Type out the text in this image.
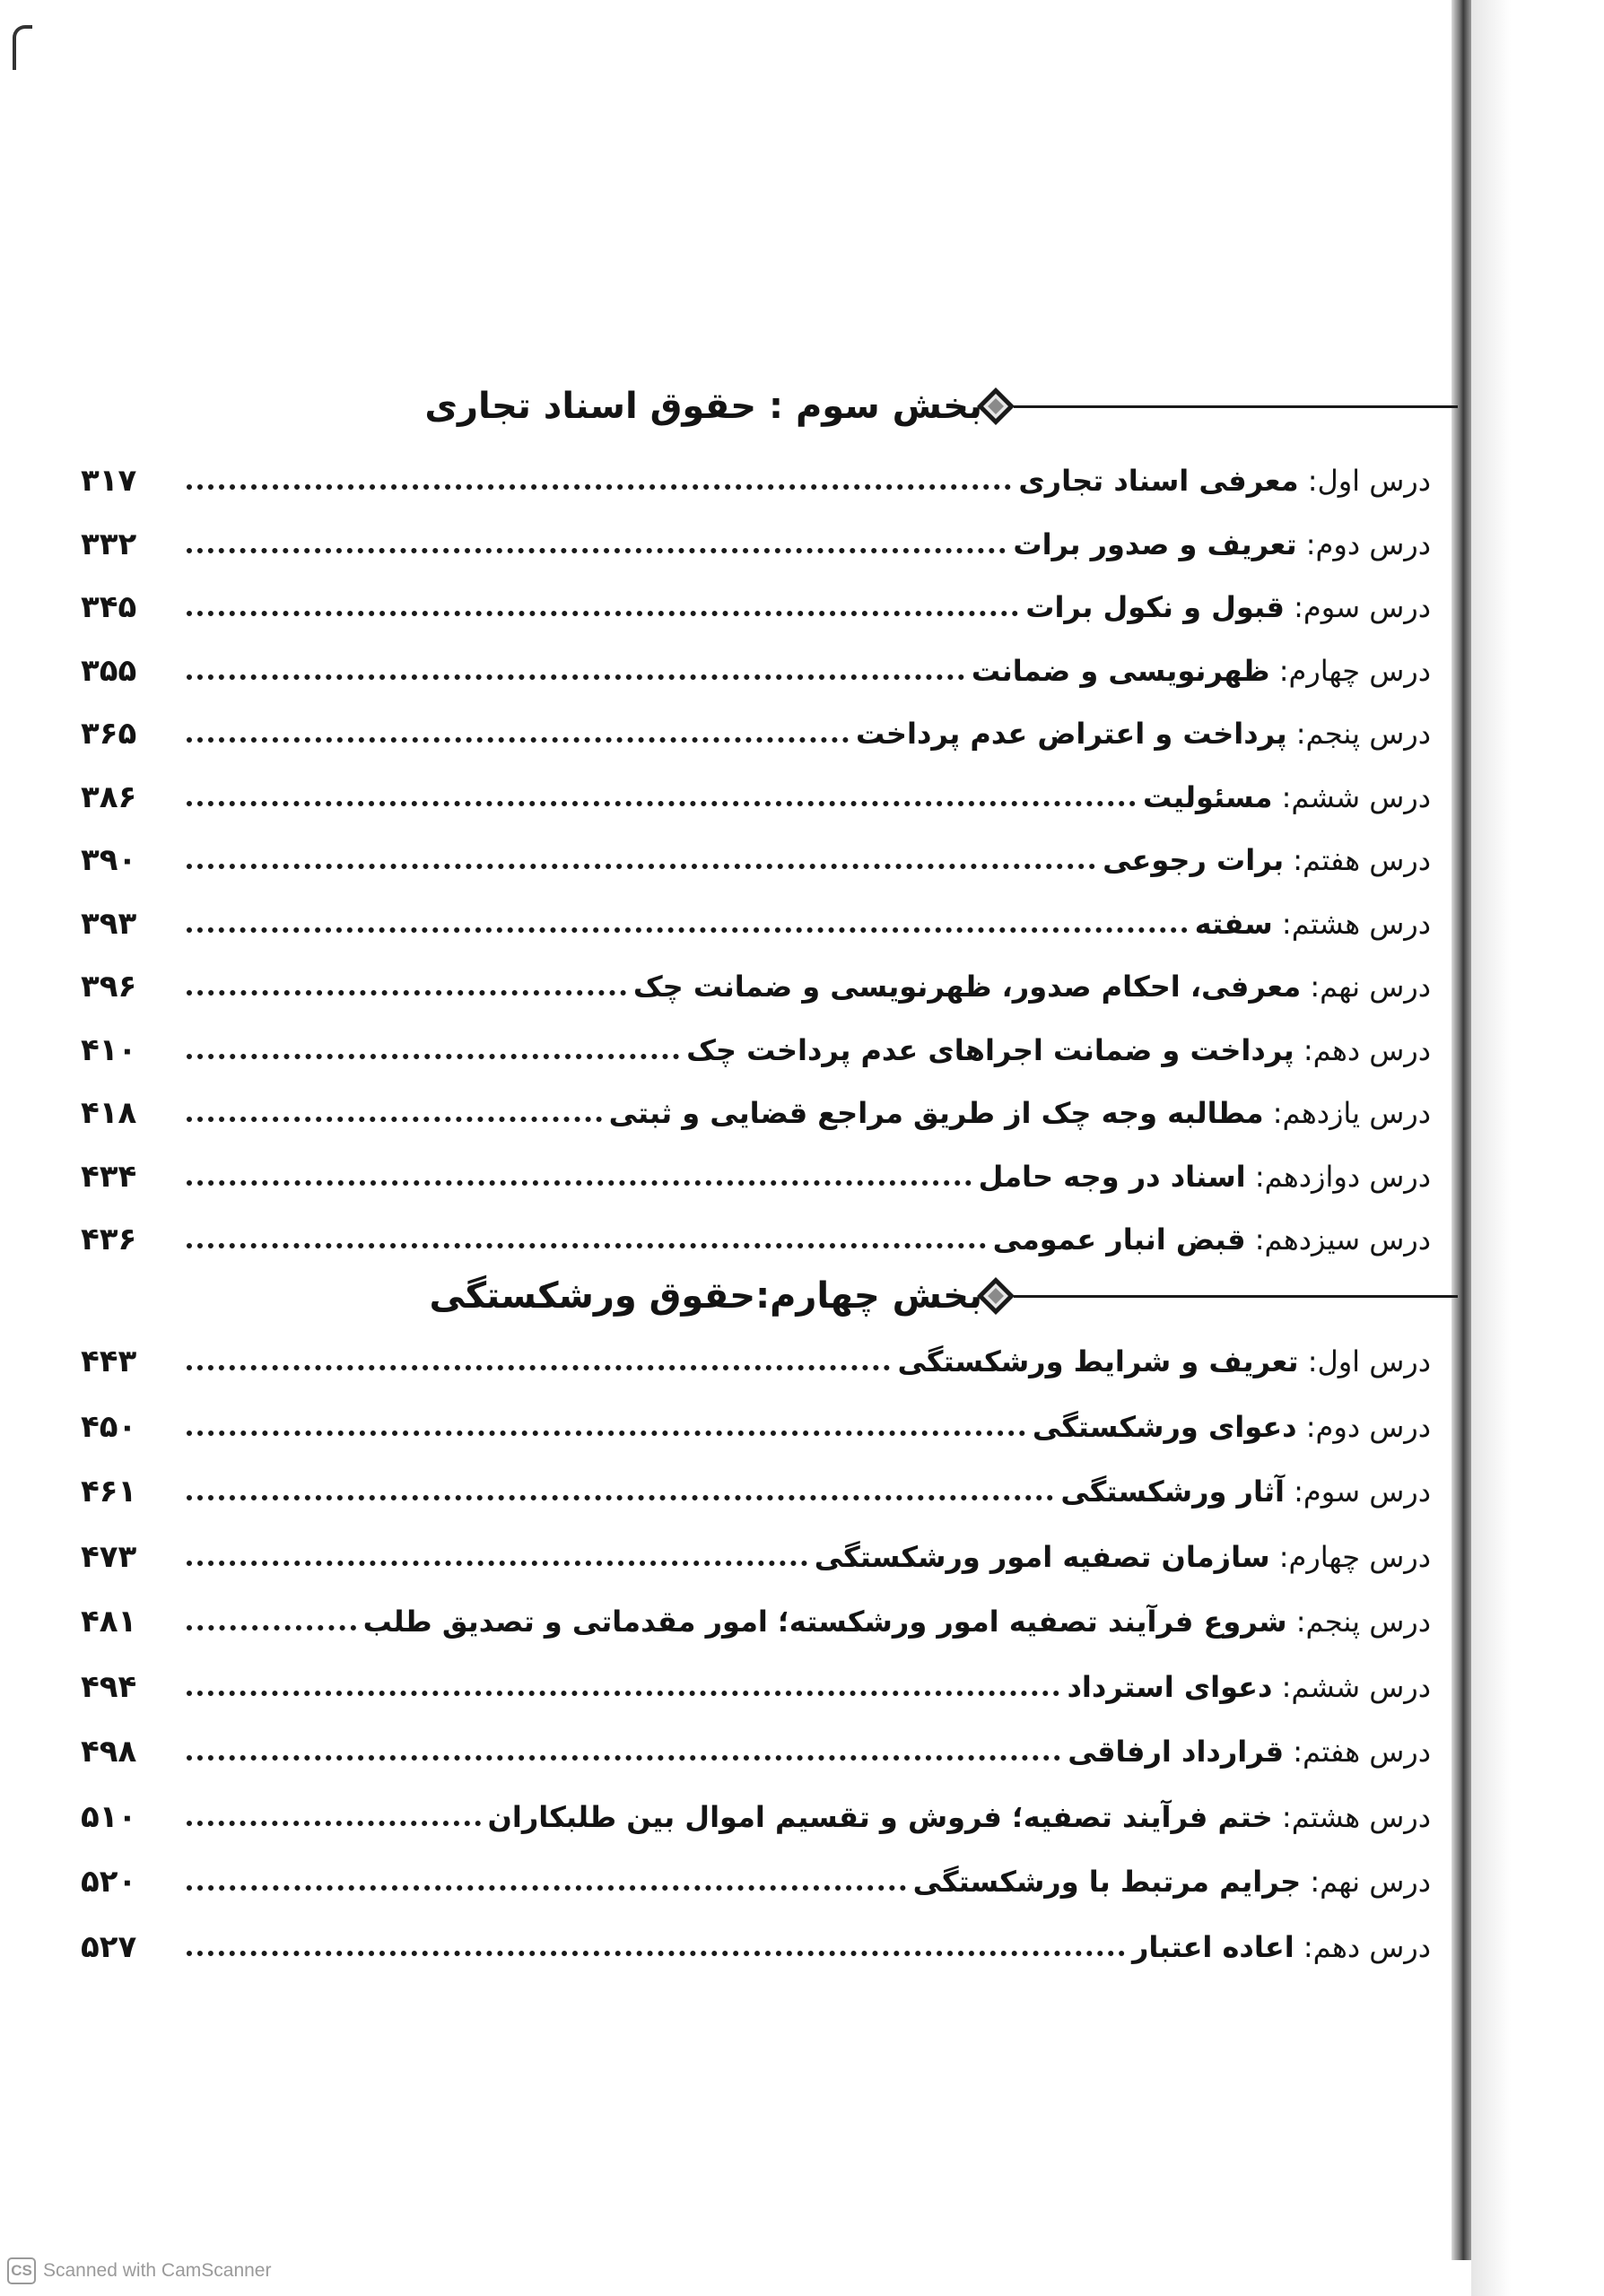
بخش سوم : حقوق اسناد تجاری
۳۱۷	درس اول: معرفی اسناد تجاری
۳۳۲	درس دوم: تعریف و صدور برات
۳۴۵	درس سوم: قبول و نکول برات
۳۵۵	درس چهارم: ظهرنویسی و ضمانت
۳۶۵	درس پنجم: پرداخت و اعتراض عدم پرداخت
۳۸۶	درس ششم: مسئولیت
۳۹۰	درس هفتم: برات رجوعی
۳۹۳	درس هشتم: سفته
۳۹۶	درس نهم: معرفی، احکام صدور، ظهرنویسی و ضمانت چک
۴۱۰	درس دهم: پرداخت و ضمانت اجراهای عدم پرداخت چک
۴۱۸	درس یازدهم: مطالبه وجه چک از طریق مراجع قضایی و ثبتی
۴۳۴	درس دوازدهم: اسناد در وجه حامل
۴۳۶	درس سیزدهم: قبض انبار عمومی
بخش چهارم:حقوق ورشکستگی
۴۴۳	درس اول: تعریف و شرایط ورشکستگی
۴۵۰	درس دوم: دعوای ورشکستگی
۴۶۱	درس سوم: آثار ورشکستگی
۴۷۳	درس چهارم: سازمان تصفیه امور ورشکستگی
۴۸۱	درس پنجم: شروع فرآیند تصفیه امور ورشکسته؛ امور مقدماتی و تصدیق طلب
۴۹۴	درس ششم: دعوای استرداد
۴۹۸	درس هفتم: قرارداد ارفاقی
۵۱۰	درس هشتم: ختم فرآیند تصفیه؛ فروش و تقسیم اموال بین طلبکاران
۵۲۰	درس نهم: جرایم مرتبط با ورشکستگی
۵۲۷	درس دهم: اعاده اعتبار
CS Scanned with CamScanner
